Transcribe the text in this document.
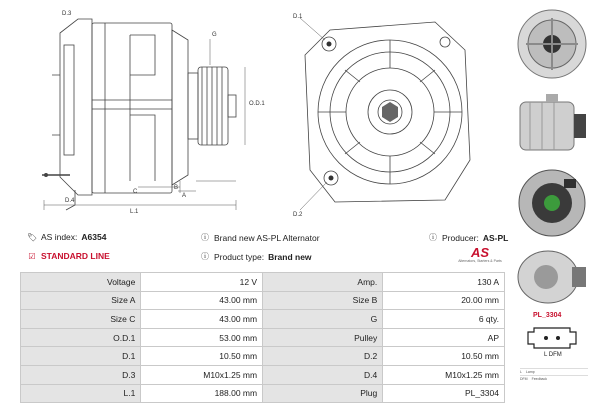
D.3
G
O.D.1
D.4
C
B
A
L.1
D.1
D.2
🏷 AS index: A6354	ⓘ Brand new AS-PL Alternator	ⓘ Producer: AS-PL
☑ STANDARD LINE	ⓘ Product type: Brand new	AS
Alternators, Starters & Parts
Voltage	12 V	Amp.	130 A
Size A	43.00 mm	Size B	20.00 mm
Size C	43.00 mm	G	6 qty.
O.D.1	53.00 mm	Pulley	AP
D.1	10.50 mm	D.2	10.50 mm
D.3	M10x1.25 mm	D.4	M10x1.25 mm
L.1	188.00 mm	Plug	PL_3304
PL_3304
L DFM
L Lamp
DFM Feedback
